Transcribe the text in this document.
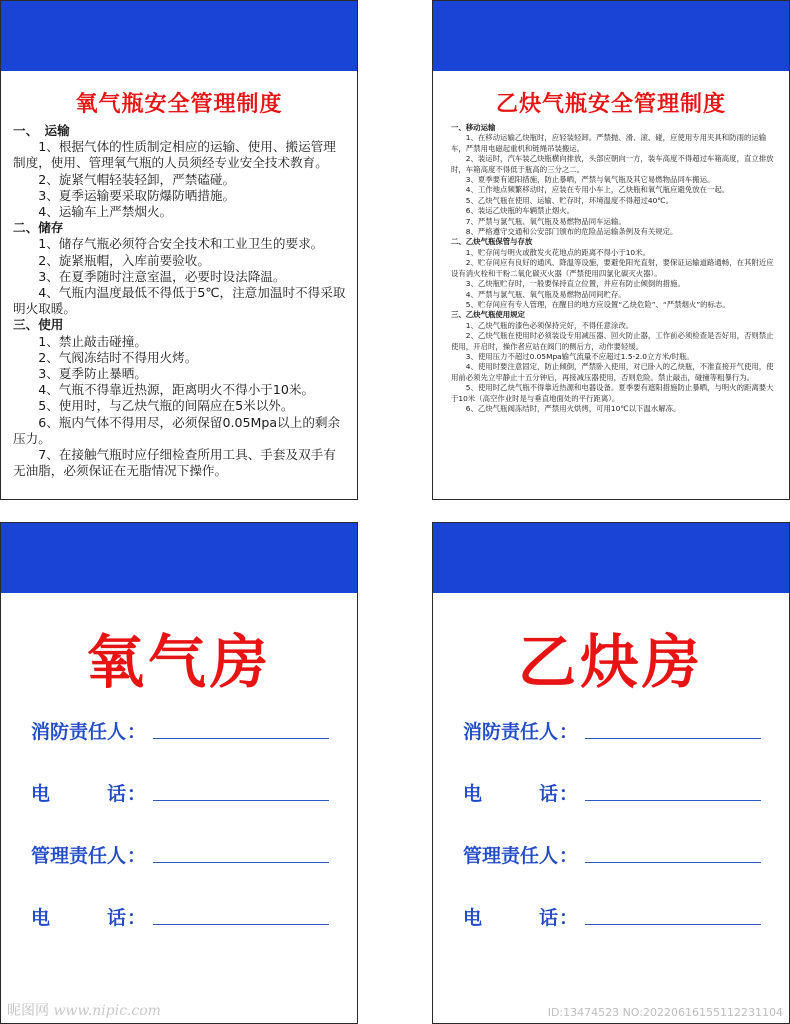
氧气瓶安全管理制度
一、　运输
1、根据气体的性质制定相应的运输、使用、搬运管理制度，使用、管理氧气瓶的人员须经专业安全技术教育。
2、旋紧气帽轻装轻卸，严禁磕碰。
3、夏季运输要采取防爆防晒措施。
4、运输车上严禁烟火。
二、储存
1、储存气瓶必须符合安全技术和工业卫生的要求。
2、旋紧瓶帽，入库前要验收。
3、在夏季随时注意室温，必要时设法降温。
4、气瓶内温度最低不得低于5℃，注意加温时不得采取明火取暖。
三、使用
1、禁止敲击碰撞。
2、气阀冻结时不得用火烤。
3、夏季防止暴晒。
4、气瓶不得靠近热源，距离明火不得小于10米。
5、使用时，与乙炔气瓶的间隔应在5米以外。
6、瓶内气体不得用尽，必须保留0.05Mpa以上的剩余压力。
7、在接触气瓶时应仔细检查所用工具、手套及双手有无油脂，必须保证在无脂情况下操作。
乙炔气瓶安全管理制度
一、移动运输
1、在移动运输乙炔瓶时，应轻装轻卸。严禁抛、滑、滚、碰，应使用专用夹具和防雨的运输车，严禁用电磁起重机和链绳吊装搬运。
2、装运时，汽车装乙炔瓶横向排放，头部应朝向一方，装车高度不得超过车箱高度，直立排放时，车箱高度不得低于瓶高的三分之二。
3、夏季要有遮阳措施，防止暴晒，严禁与氧气瓶及其它易燃物品同车搬运。
4、工作地点频繁移动时，应装在专用小车上，乙炔瓶和氧气瓶应避免放在一起。
5、乙炔气瓶在使用、运输、贮存时，环境温度不得超过40℃。
6、装运乙炔瓶的车辆禁止烟火。
7、严禁与氯气瓶、氧气瓶及易燃物品同车运输。
8、严格遵守交通和公安部门颁布的危险品运输条例及有关规定。
二、乙炔气瓶保管与存放
1、贮存间与明火或散发火花地点的距离不得小于10米。
2、贮存间应有良好的通风、降温等设施，要避免阳光直射，要保证运输道路通畅，在其附近应设有消火栓和干粉二氧化碳灭火器（严禁使用四氯化碳灭火器）。
3、乙炔瓶贮存时，一般要保持直立位置，并应有防止倾倒的措施。
4、严禁与氯气瓶、氧气瓶及易燃物品同间贮存。
5、贮存间应有专人管理，在醒目的地方应设置“乙炔危险”、“严禁烟火”的标志。
三、乙炔气瓶使用规定
1、乙炔气瓶的漆色必须保持完好，不得任意涂改。
2、乙炔气瓶在使用时必须装设专用减压器、回火防止器，工作前必须检查是否好用，否则禁止使用，开启时，操作者应站在阀门的侧后方，动作要轻缓。
3、使用压力不超过0.05Mpa输气流量不应超过1.5-2.0立方米/时瓶。
4、使用时要注意固定，防止倾倒，严禁卧入使用，对已卧入的乙炔瓶，不准直接开气使用，使用前必须先立牢静止十五分钟后，再接减压器使用，否则危险。禁止敲击，碰撞等粗暴行为。
5、使用时乙炔气瓶不得靠近热源和电器设备。夏季要有遮阳措施防止暴晒，与明火的距离要大于10米（高空作业时是与垂直地面处的平行距离）。
6、乙炔气瓶阀冻结时，严禁用火烘烤，可用10℃以下温水解冻。
氧气房
消防责任人 ：
电　　　话 ：
管理责任人 ：
电　　　话 ：
昵图网 www.nipic.com
乙炔房
消防责任人 ：
电　　　话 ：
管理责任人 ：
电　　　话 ：
ID:13474523 NO:20220616155112231104
